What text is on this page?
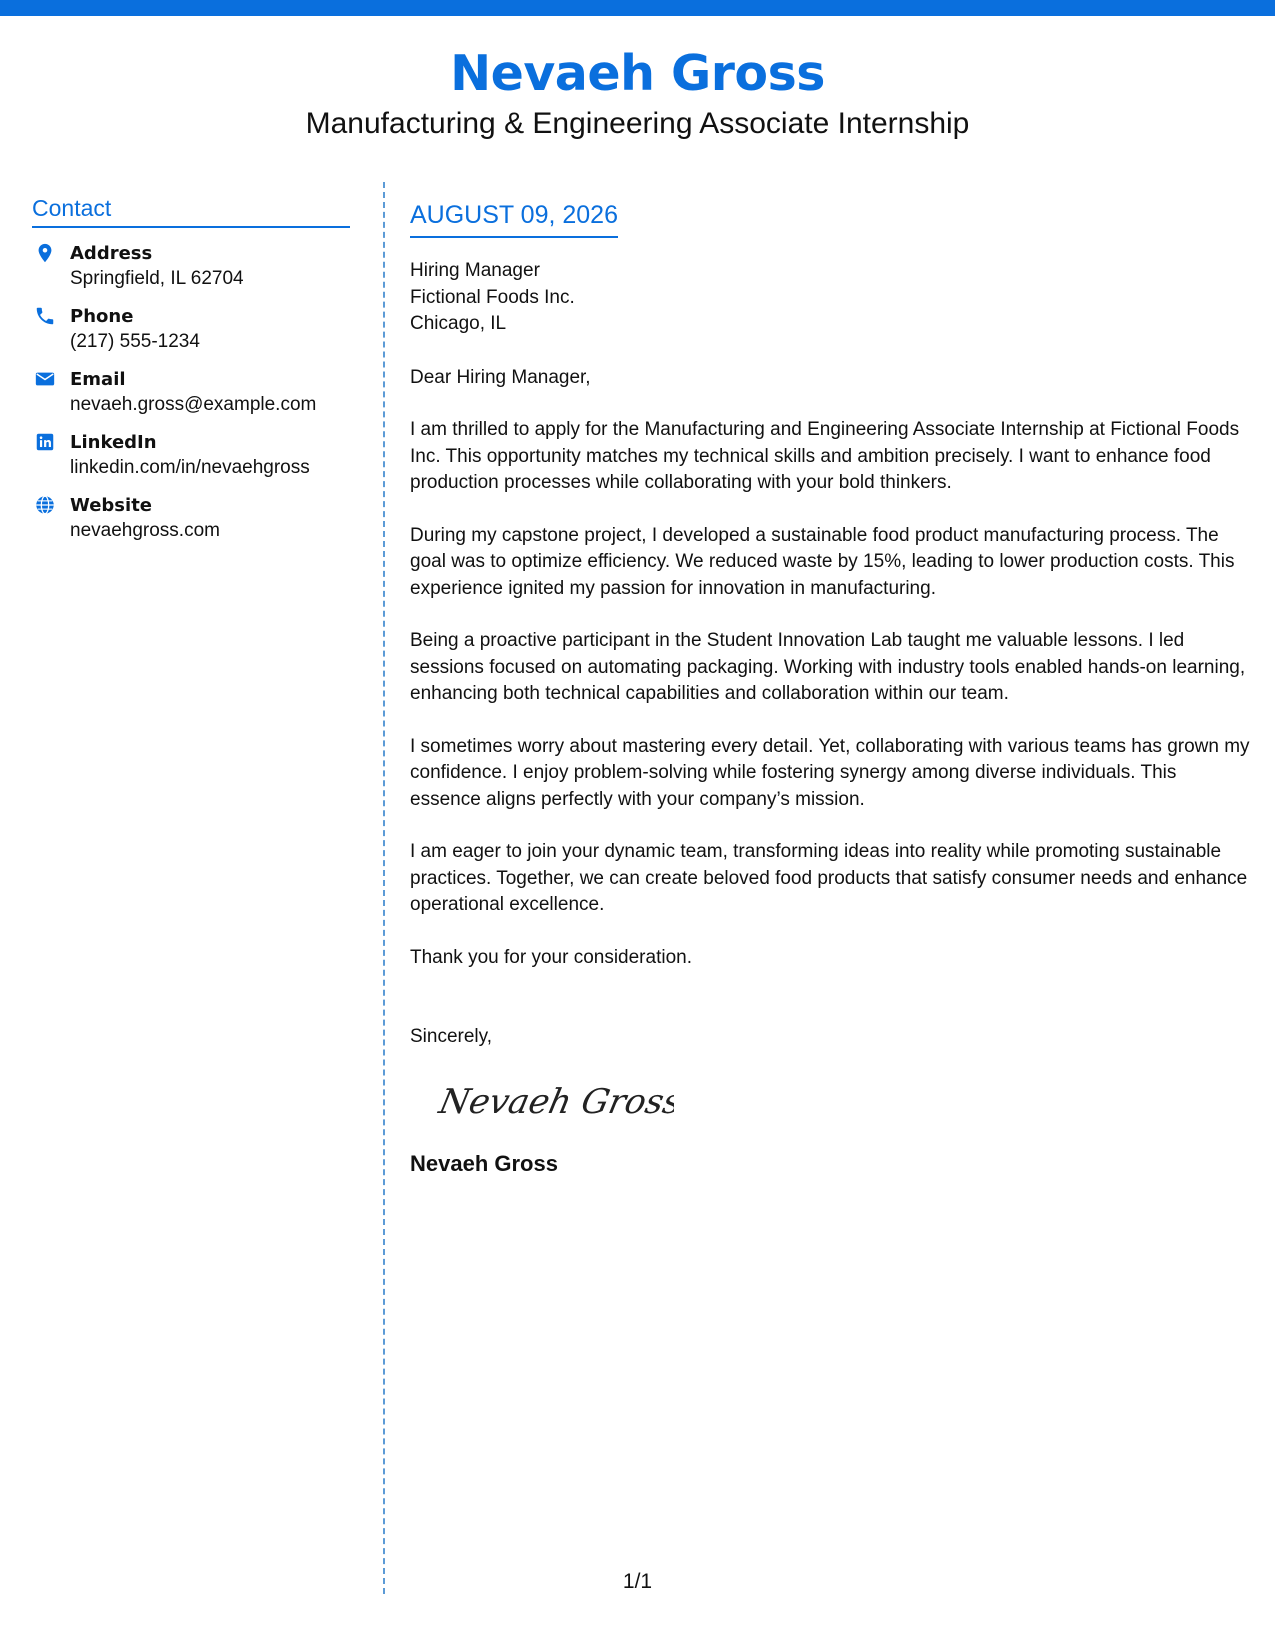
Nevaeh Gross
Manufacturing & Engineering Associate Internship
Contact
Address
Springfield, IL 62704
Phone
(217) 555-1234
Email
nevaeh.gross@example.com
LinkedIn
linkedin.com/in/nevaehgross
Website
nevaehgross.com
AUGUST 09, 2026
Hiring Manager
Fictional Foods Inc.
Chicago, IL
Dear Hiring Manager,
I am thrilled to apply for the Manufacturing and Engineering Associate Internship at Fictional Foods Inc. This opportunity matches my technical skills and ambition precisely. I want to enhance food production processes while collaborating with your bold thinkers.
During my capstone project, I developed a sustainable food product manufacturing process. The goal was to optimize efficiency. We reduced waste by 15%, leading to lower production costs. This experience ignited my passion for innovation in manufacturing.
Being a proactive participant in the Student Innovation Lab taught me valuable lessons. I led sessions focused on automating packaging. Working with industry tools enabled hands-on learning, enhancing both technical capabilities and collaboration within our team.
I sometimes worry about mastering every detail. Yet, collaborating with various teams has grown my confidence. I enjoy problem-solving while fostering synergy among diverse individuals. This essence aligns perfectly with your company’s mission.
I am eager to join your dynamic team, transforming ideas into reality while promoting sustainable practices. Together, we can create beloved food products that satisfy consumer needs and enhance operational excellence.
Thank you for your consideration.
Sincerely,
Nevaeh Gross
Nevaeh Gross
1/1
